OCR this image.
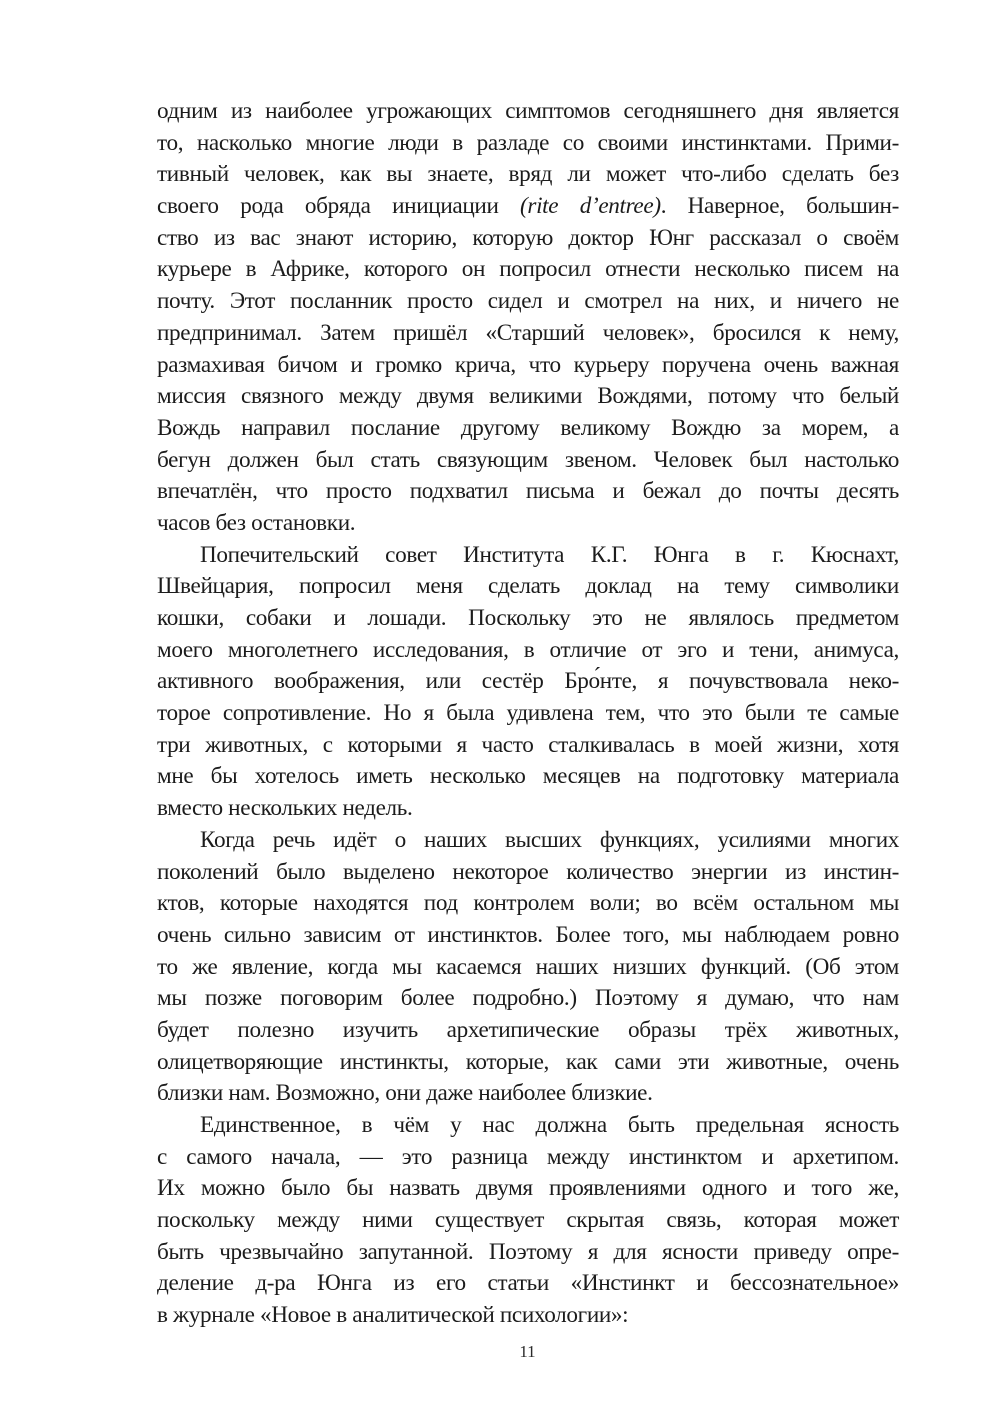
одним из наиболее угрожающих симптомов сегодняшнего дня является
то, насколько многие люди в разладе со своими инстинктами. Прими-
тивный человек, как вы знаете, вряд ли может что-либо сделать без
своего рода обряда инициации (rite d’entree). Наверное, большин-
ство из вас знают историю, которую доктор Юнг рассказал о своём
курьере в Африке, которого он попросил отнести несколько писем на
почту. Этот посланник просто сидел и смотрел на них, и ничего не
предпринимал. Затем пришёл «Старший человек», бросился к нему,
размахивая бичом и громко крича, что курьеру поручена очень важная
миссия связного между двумя великими Вождями, потому что белый
Вождь направил послание другому великому Вождю за морем, а
бегун должен был стать связующим звеном. Человек был настолько
впечатлён, что просто подхватил письма и бежал до почты десять
часов без остановки.
Попечительский совет Института К.Г. Юнга в г. Кюснахт,
Швейцария, попросил меня сделать доклад на тему символики
кошки, собаки и лошади. Поскольку это не являлось предметом
моего многолетнего исследования, в отличие от эго и тени, анимуса,
активного воображения, или сестёр Бро́нте, я почувствовала неко-
торое сопротивление. Но я была удивлена тем, что это были те самые
три животных, с которыми я часто сталкивалась в моей жизни, хотя
мне бы хотелось иметь несколько месяцев на подготовку материала
вместо нескольких недель.
Когда речь идёт о наших высших функциях, усилиями многих
поколений было выделено некоторое количество энергии из инстин-
ктов, которые находятся под контролем воли; во всём остальном мы
очень сильно зависим от инстинктов. Более того, мы наблюдаем ровно
то же явление, когда мы касаемся наших низших функций. (Об этом
мы позже поговорим более подробно.) Поэтому я думаю, что нам
будет полезно изучить архетипические образы трёх животных,
олицетворяющие инстинкты, которые, как сами эти животные, очень
близки нам. Возможно, они даже наиболее близкие.
Единственное, в чём у нас должна быть предельная ясность
с самого начала, — это разница между инстинктом и архетипом.
Их можно было бы назвать двумя проявлениями одного и того же,
поскольку между ними существует скрытая связь, которая может
быть чрезвычайно запутанной. Поэтому я для ясности приведу опре-
деление д-ра Юнга из его статьи «Инстинкт и бессознательное»
в журнале «Новое в аналитической психологии»:
11
